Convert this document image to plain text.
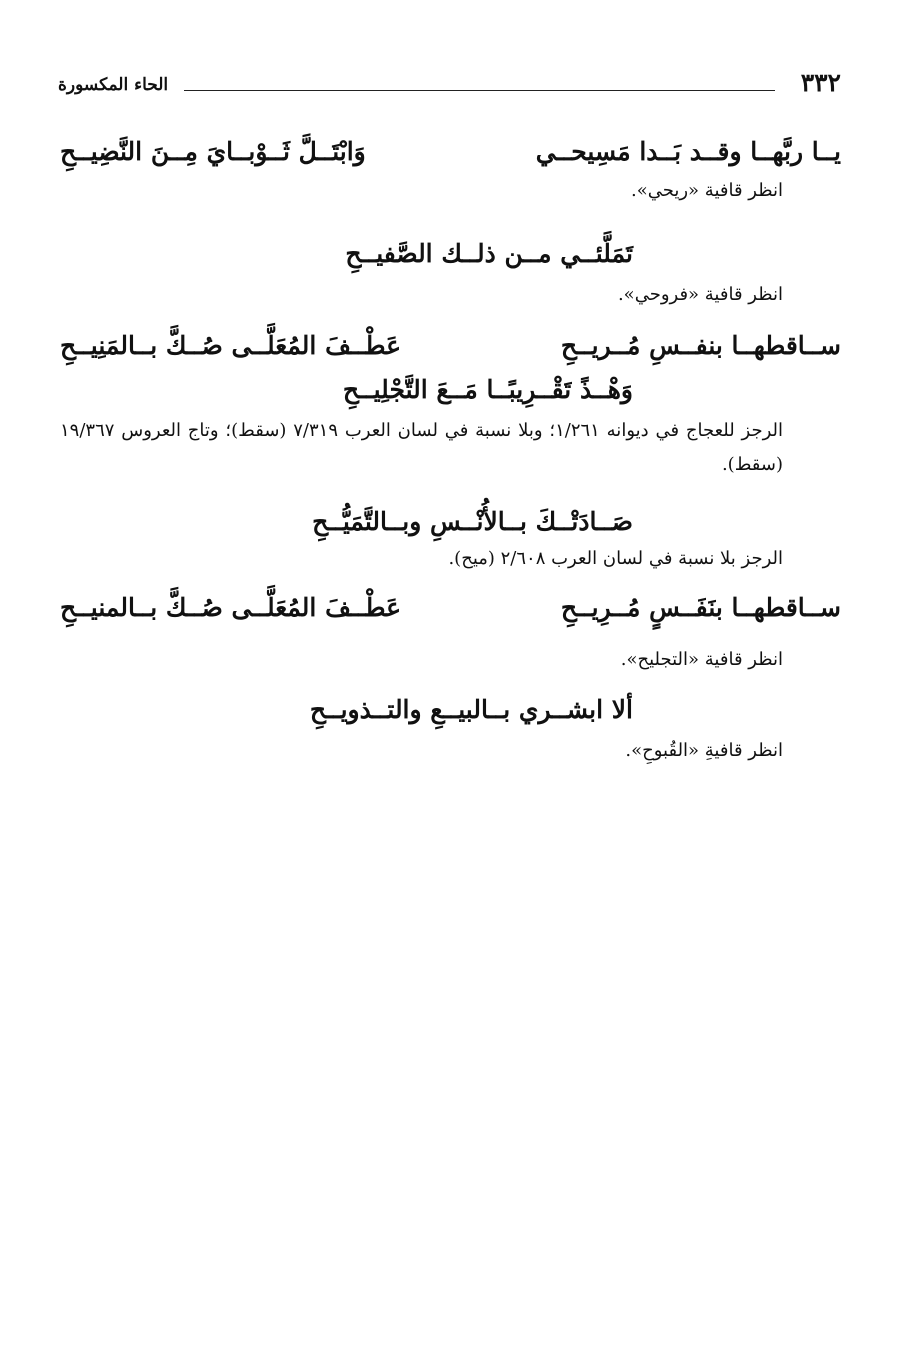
٣٣٢
الحاء المكسورة
يــا ربَّهــا وقــد بَــدا مَسِيحــي
وَابْتَــلَّ ثَــوْبــايَ مِــنَ النَّضِيــحِ
انظر قافية «ريحي».
تَمَلَّئــي مــن ذلــك الصَّفيــحِ
انظر قافية «فروحي».
ســاقطهــا بنفــسِ مُــريــحِ
عَطْــفَ المُعَلَّــى صُــكَّ بــالمَنِيــحِ
وَهْــذً تَقْــرِيبًــا مَــعَ التَّجْلِيــحِ
الرجز للعجاج في ديوانه ١/٢٦١؛ وبلا نسبة في لسان العرب ٧/٣١٩ (سقط)؛ وتاج العروس ١٩/٣٦٧ (سقط).
صَــادَتْــكَ بــالأُنْــسِ وبــالتَّمَيُّــحِ
الرجز بلا نسبة في لسان العرب ٢/٦٠٨ (ميح).
ســاقطهــا بنَفَــسٍ مُــرِيــحِ
عَطْــفَ المُعَلَّــى صُــكَّ بــالمنيــحِ
انظر قافية «التجليح».
ألا ابشــري بــالبيــعِ والتــذويــحِ
انظر قافيةِ «القُبوحِ».
